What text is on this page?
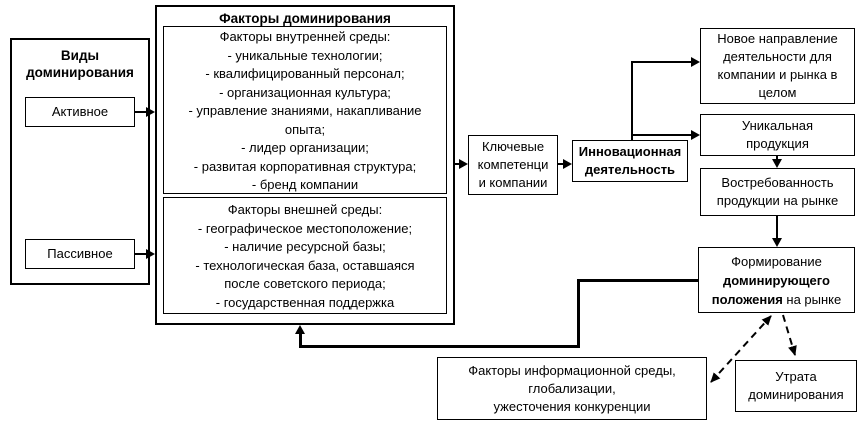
Виды
доминирования
Активное
Пассивное
Факторы доминирования
Факторы внутренней среды:
- уникальные технологии;
- квалифицированный персонал;
- организационная культура;
- управление знаниями, накапливание
опыта;
- лидер организации;
- развитая корпоративная структура;
- бренд компании
Факторы внешней среды:
- географическое местоположение;
- наличие ресурсной базы;
- технологическая база, оставшаяся
после советского периода;
- государственная поддержка
Ключевые
компетенци
и компании
Инновационная
деятельность
Новое направление
деятельности для
компании и рынка в
целом
Уникальная
продукция
Востребованность
продукции на рынке
Формирование
доминирующего
положения на рынке
Утрата
доминирования
Факторы информационной среды,
глобализации,
ужесточения конкуренции
